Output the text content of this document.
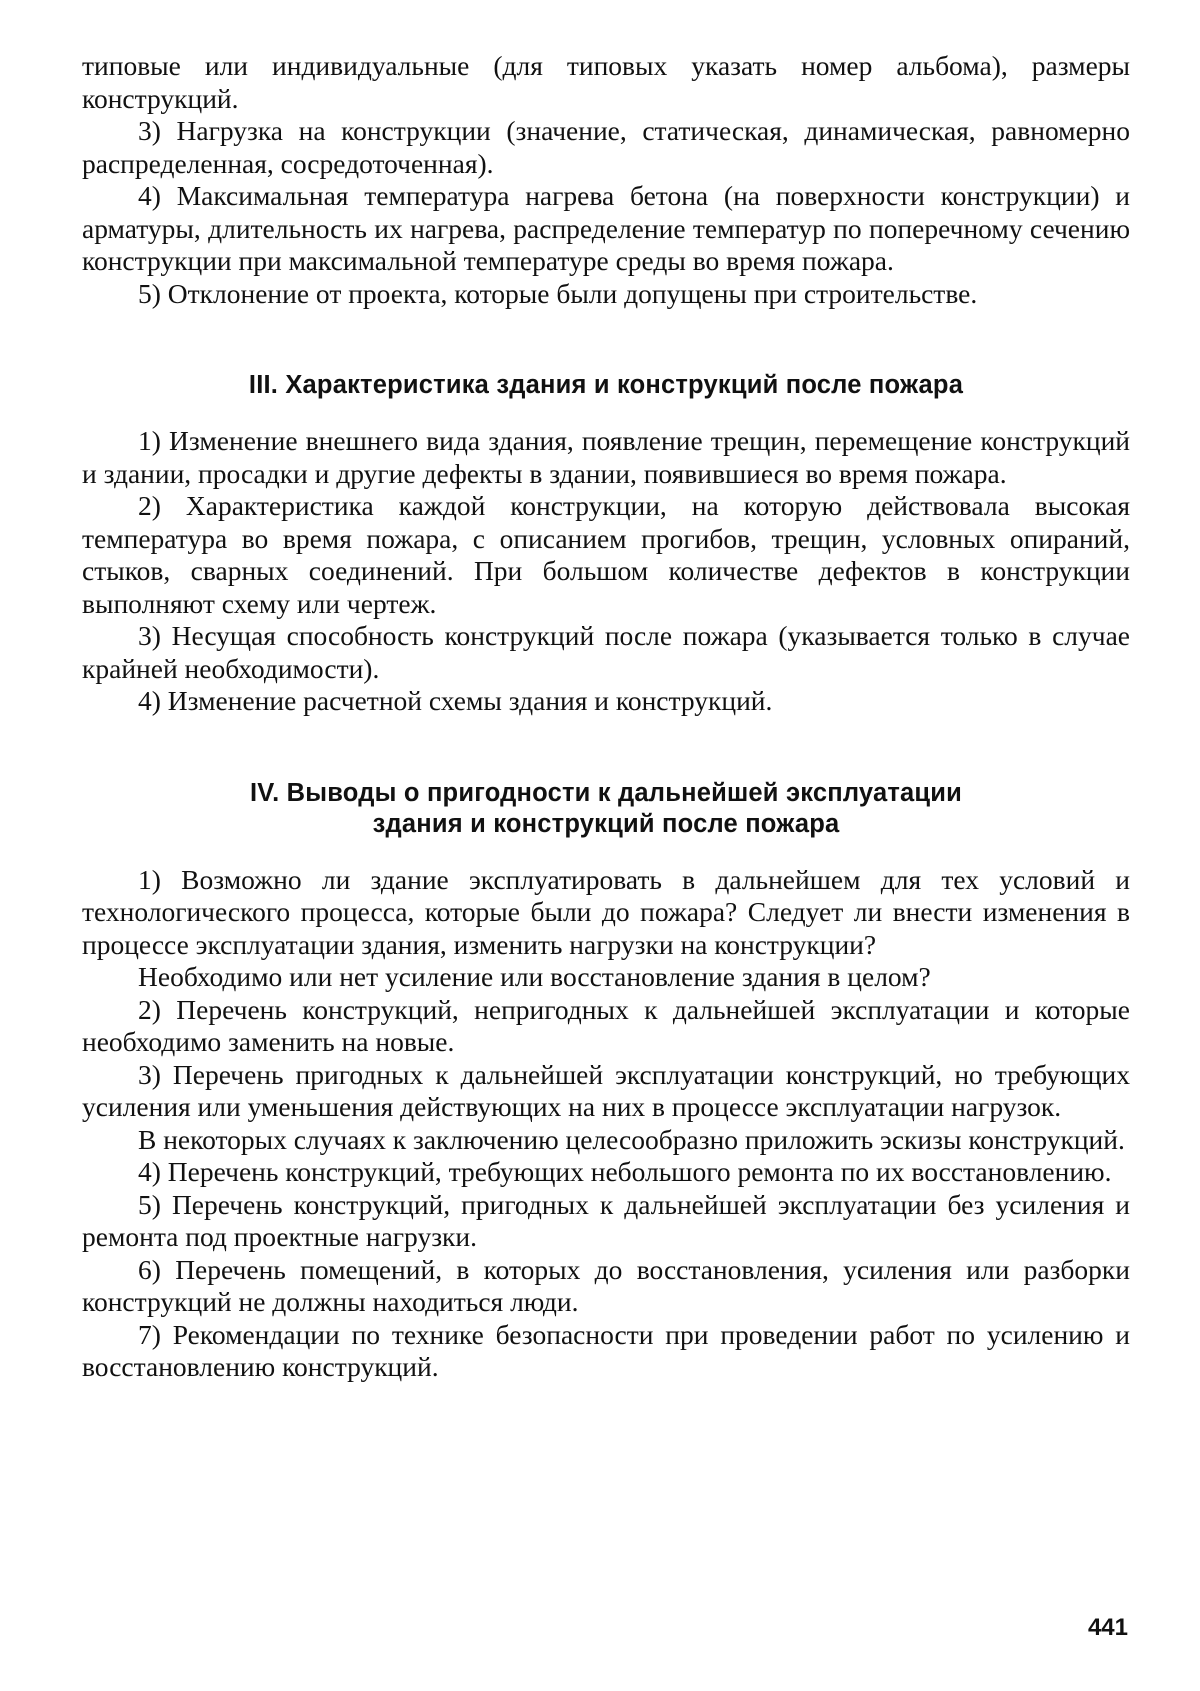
типовые или индивидуальные (для типовых указать номер альбома), размеры конструкций.

3) Нагрузка на конструкции (значение, статическая, динамическая, равномерно распределенная, сосредоточенная).

4) Максимальная температура нагрева бетона (на поверхности конструкции) и арматуры, длительность их нагрева, распределение температур по поперечному сечению конструкции при максимальной температуре среды во время пожара.

5) Отклонение от проекта, которые были допущены при строительстве.

III. Характеристика здания и конструкций после пожара

1) Изменение внешнего вида здания, появление трещин, перемещение конструкций и здании, просадки и другие дефекты в здании, появившиеся во время пожара.

2) Характеристика каждой конструкции, на которую действовала высокая температура во время пожара, с описанием прогибов, трещин, условных опираний, стыков, сварных соединений. При большом количестве дефектов в конструкции выполняют схему или чертеж.

3) Несущая способность конструкций после пожара (указывается только в случае крайней необходимости).

4) Изменение расчетной схемы здания и конструкций.

IV. Выводы о пригодности к дальнейшей эксплуатации
здания и конструкций после пожара

1) Возможно ли здание эксплуатировать в дальнейшем для тех условий и технологического процесса, которые были до пожара? Следует ли внести изменения в процессе эксплуатации здания, изменить нагрузки на конструкции?

Необходимо или нет усиление или восстановление здания в целом?

2) Перечень конструкций, непригодных к дальнейшей эксплуатации и которые необходимо заменить на новые.

3) Перечень пригодных к дальнейшей эксплуатации конструкций, но требующих усиления или уменьшения действующих на них в процессе эксплуатации нагрузок.

В некоторых случаях к заключению целесообразно приложить эскизы конструкций.

4) Перечень конструкций, требующих небольшого ремонта по их восстановлению.

5) Перечень конструкций, пригодных к дальнейшей эксплуатации без усиления и ремонта под проектные нагрузки.

6) Перечень помещений, в которых до восстановления, усиления или разборки конструкций не должны находиться люди.

7) Рекомендации по технике безопасности при проведении работ по усилению и восстановлению конструкций.

441
